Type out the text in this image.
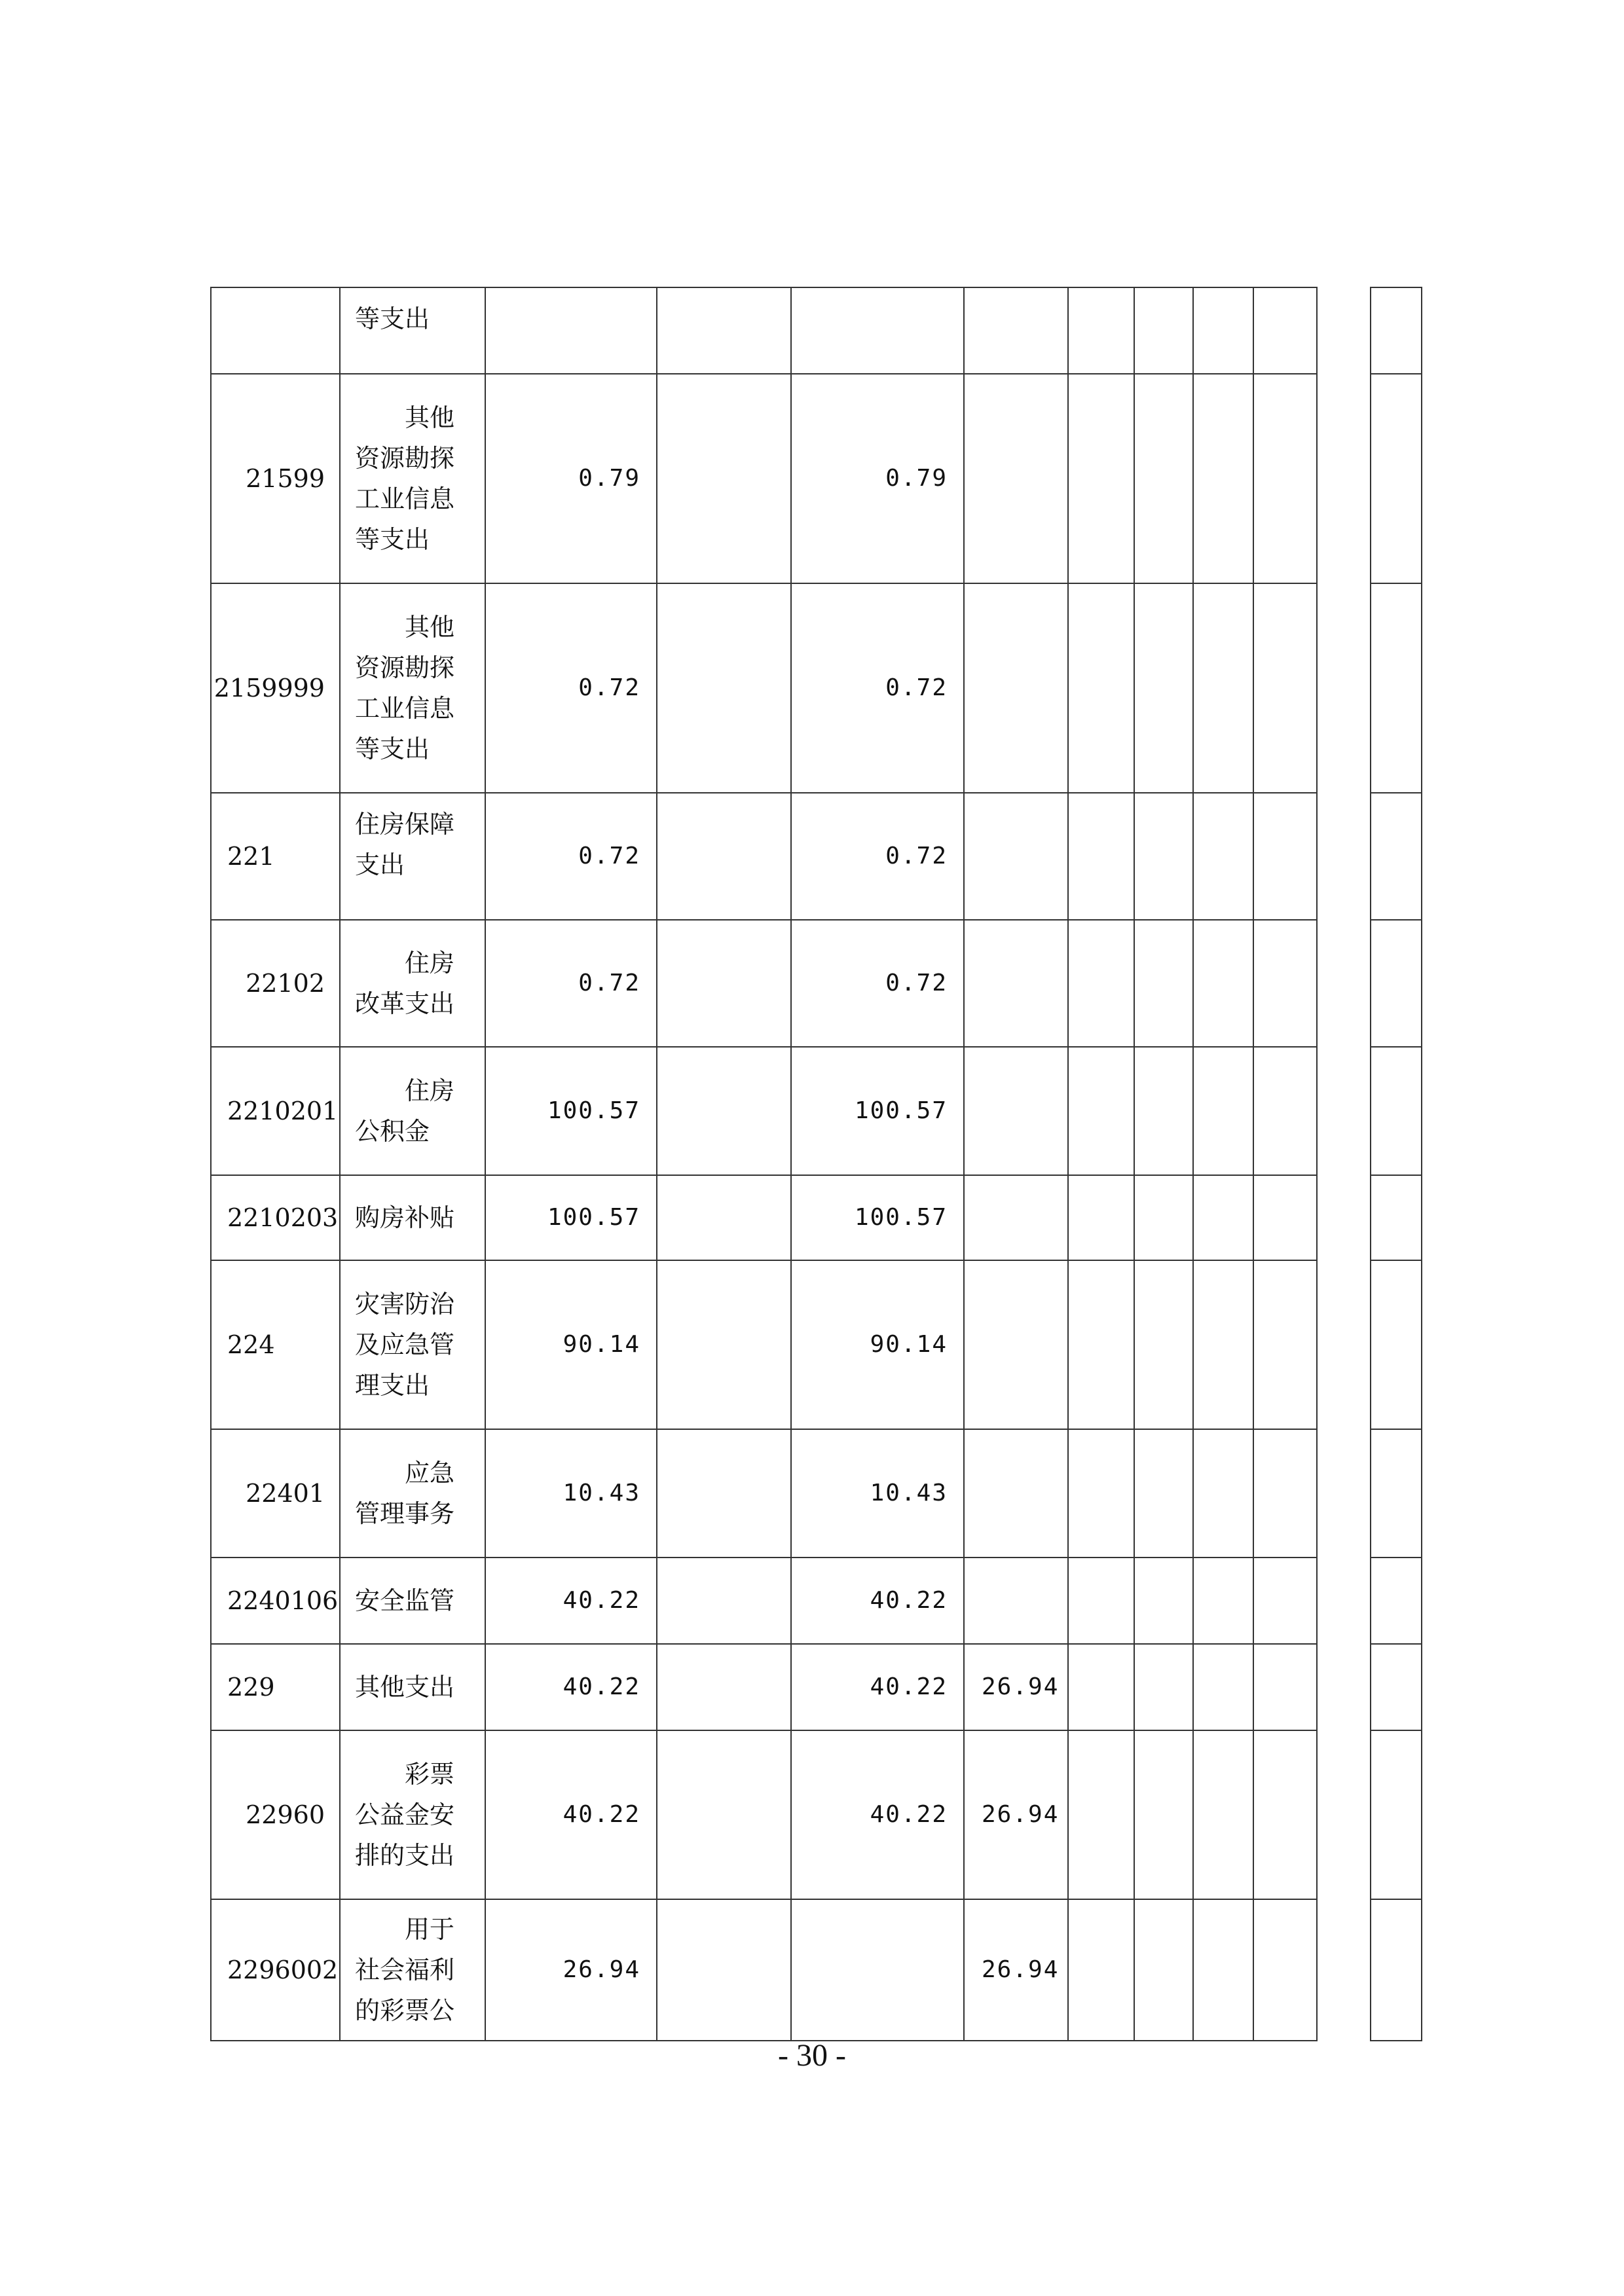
	等支出										
21599	其他资源勘探工业信息等支出	0.79		0.79							
2159999	其他资源勘探工业信息等支出	0.72		0.72							
221	住房保障支出	0.72		0.72							
22102	住房改革支出	0.72		0.72							
2210201	住房公积金	100.57		100.57							
2210203	购房补贴	100.57		100.57							
224	灾害防治及应急管理支出	90.14		90.14							
22401	应急管理事务	10.43		10.43							
2240106	安全监管	40.22		40.22							
229	其他支出	40.22		40.22	26.94						
22960	彩票公益金安排的支出	40.22		40.22	26.94						
2296002	用于社会福利的彩票公	26.94			26.94						
- 30 -
